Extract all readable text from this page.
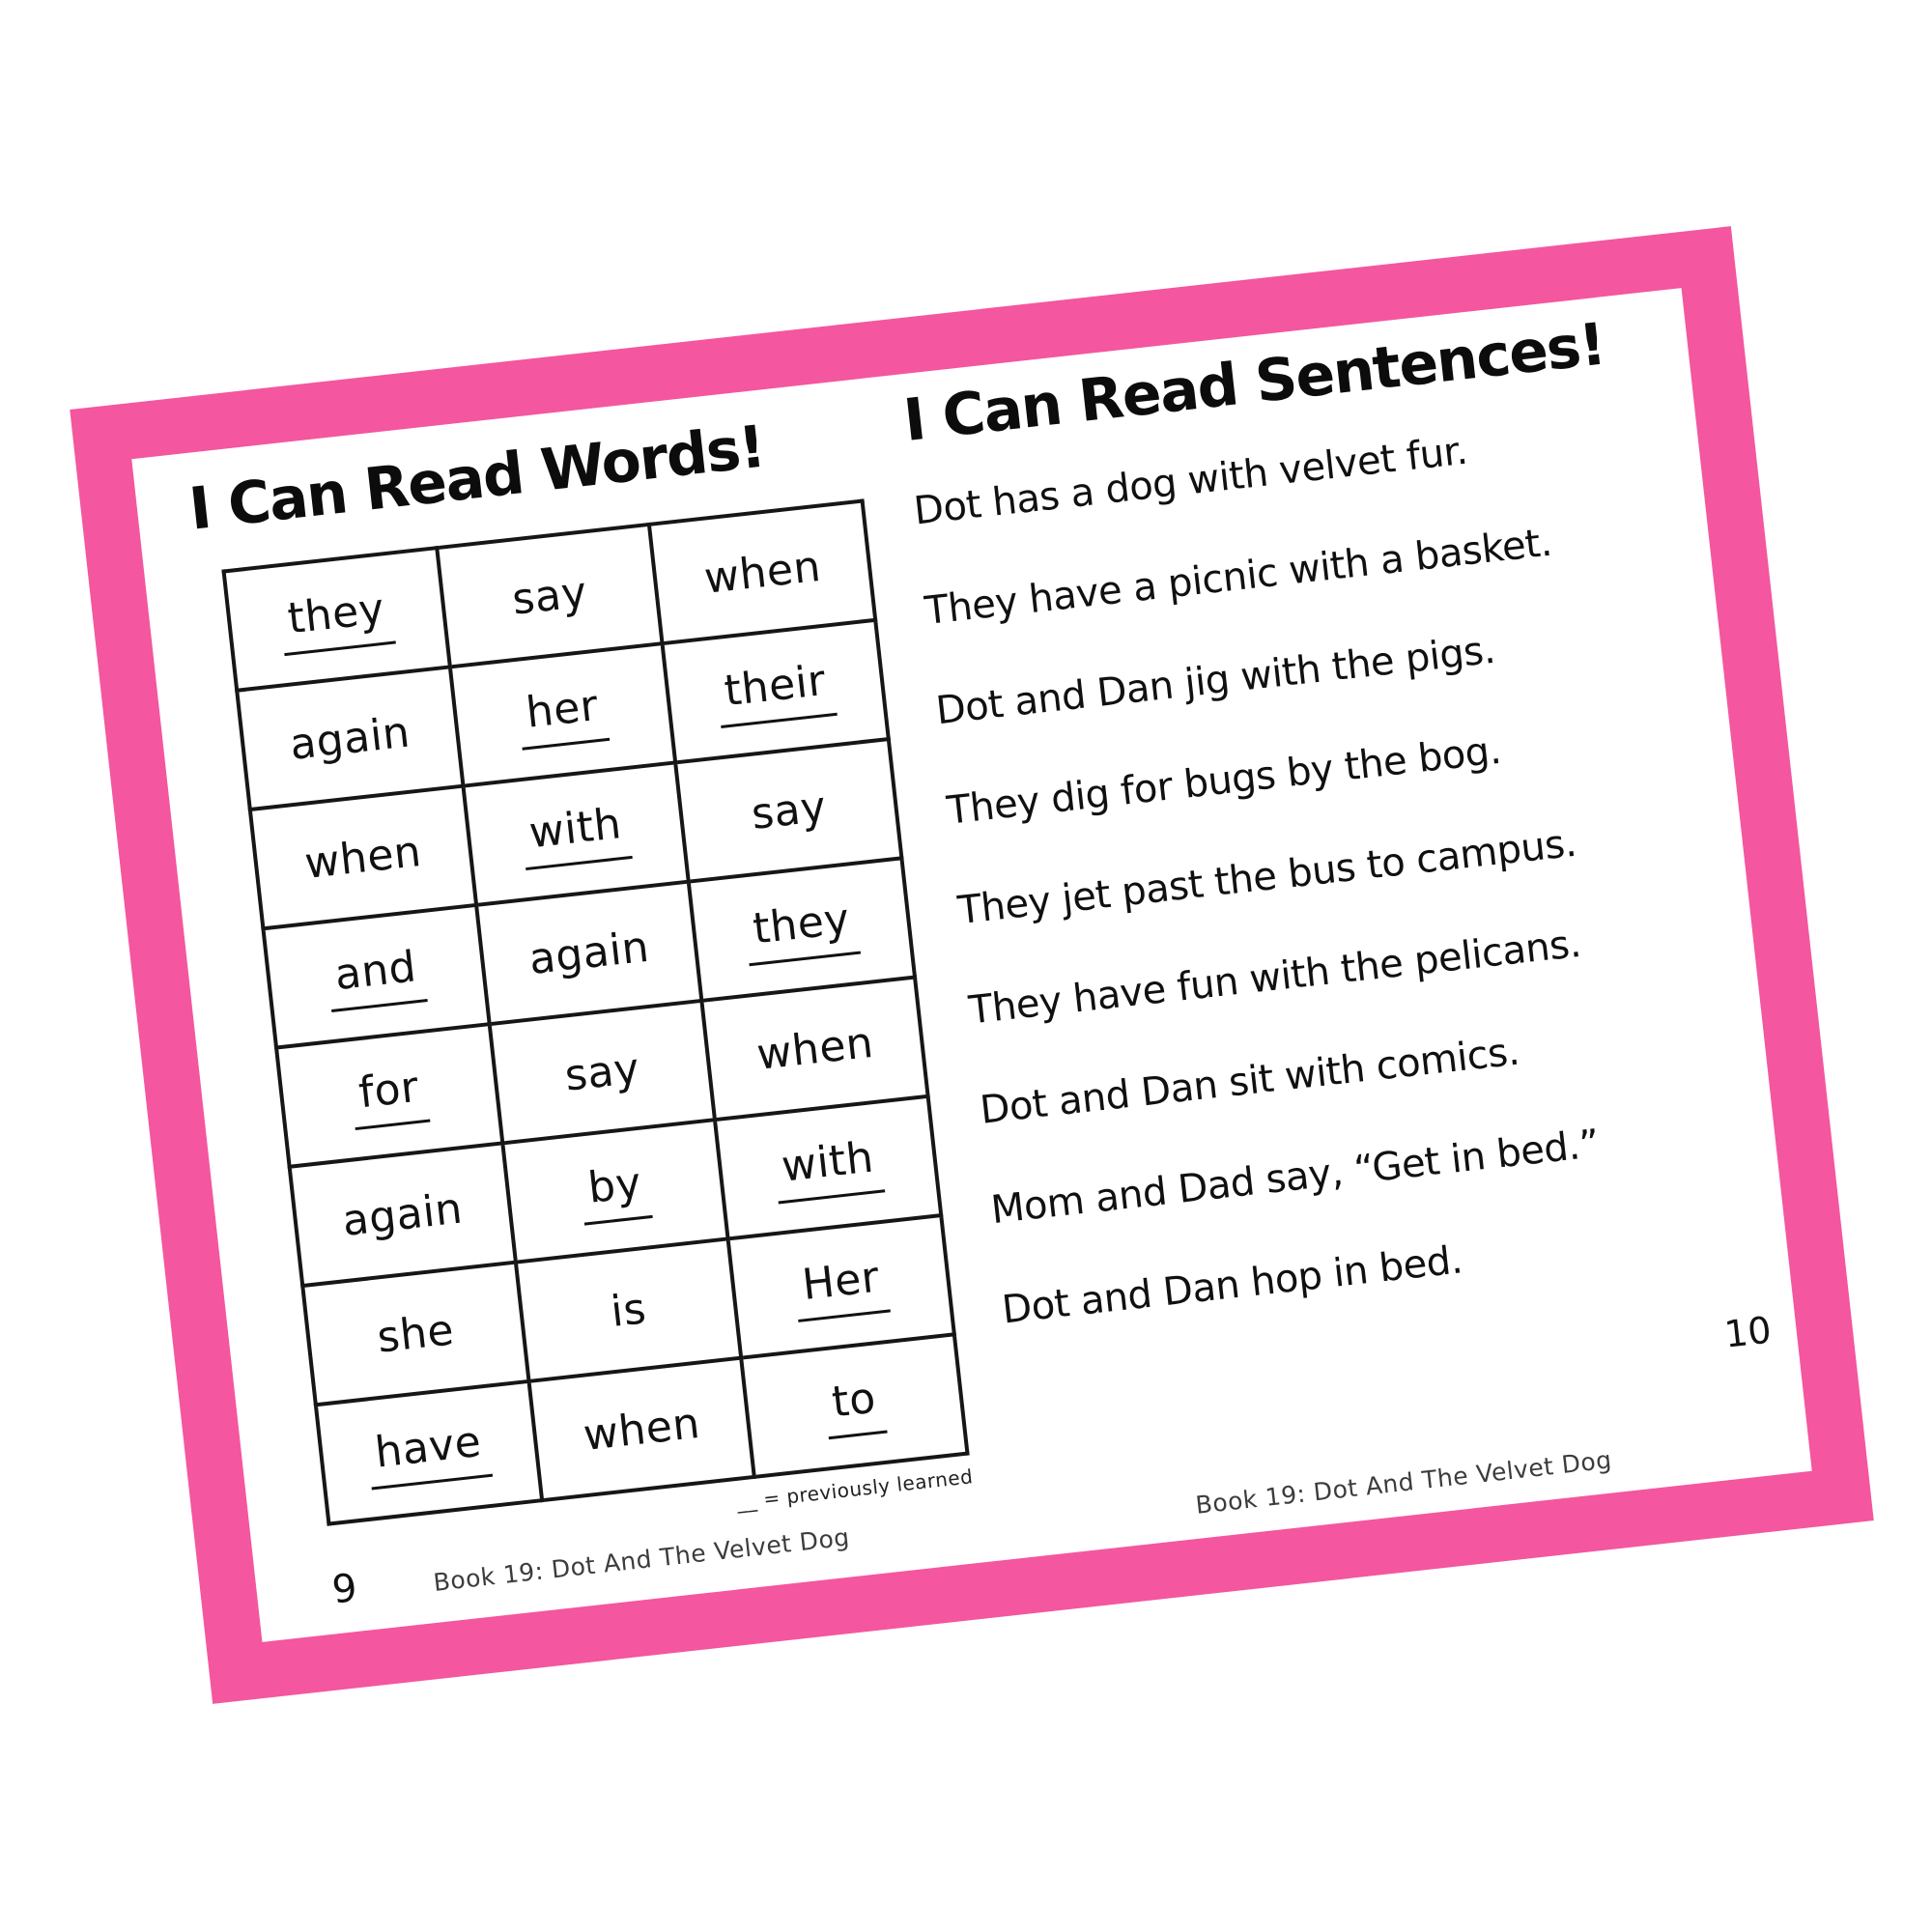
I Can Read Words!
they	say	when
again	her	their
when	with	say
and	again	they
for	say	when
again	by	with
she	is	Her
have	when	to
__ = previously learned
9	Book 19: Dot And The Velvet Dog
I Can Read Sentences!
Dot has a dog with velvet fur.
They have a picnic with a basket.
Dot and Dan jig with the pigs.
They dig for bugs by the bog.
They jet past the bus to campus.
They have fun with the pelicans.
Dot and Dan sit with comics.
Mom and Dad say, “Get in bed.”
Dot and Dan hop in bed.	10
Book 19: Dot And The Velvet Dog
